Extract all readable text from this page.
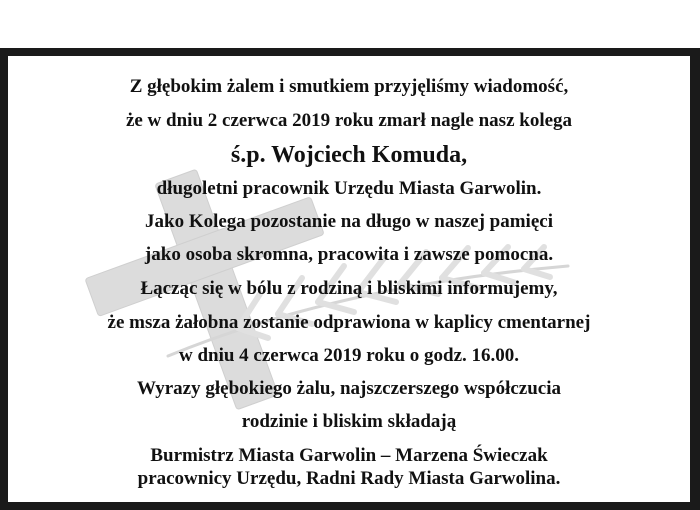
Z głębokim żalem i smutkiem przyjęliśmy wiadomość,
że w dniu 2 czerwca 2019 roku zmarł nagle nasz kolega
ś.p. Wojciech Komuda,
długoletni pracownik Urzędu Miasta Garwolin.
Jako Kolega pozostanie na długo w naszej pamięci
jako osoba skromna, pracowita i zawsze pomocna.
Łącząc się w bólu z rodziną i bliskimi informujemy,
że msza żałobna zostanie odprawiona w kaplicy cmentarnej
w dniu 4 czerwca 2019 roku o godz. 16.00.
Wyrazy głębokiego żalu, najszczerszego współczucia
rodzinie i bliskim składają
Burmistrz Miasta Garwolin – Marzena Świeczak
pracownicy Urzędu, Radni Rady Miasta Garwolina.
